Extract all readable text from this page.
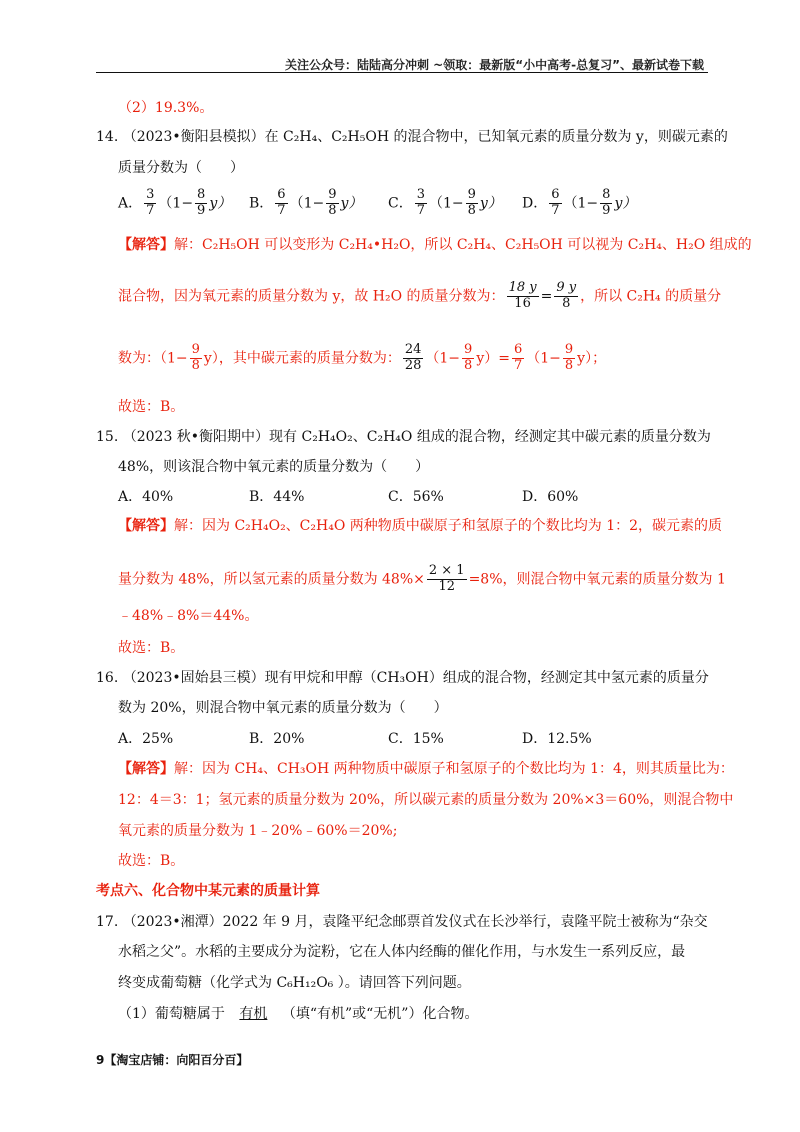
关注公众号：陆陆高分冲刺 ~领取：最新版“小中高考-总复习”、最新试卷下载
（2）19.3%。
14. （2023•衡阳县模拟）在 C₂H₄、C₂H₅OH 的混合物中，已知氧元素的质量分数为 y，则碳元素的
质量分数为（　　）
A． $\frac{3}{7} (1- \frac{8}{9} y)$ B． $\frac{6}{7} (1- \frac{9}{8} y)$ C． $\frac{3}{7} (1- \frac{9}{8} y)$ D． $\frac{6}{7} (1- \frac{8}{9} y)$
【解答】解：C₂H₅OH 可以变形为 C₂H₄•H₂O，所以 C₂H₄、C₂H₅OH 可以视为 C₂H₄、H₂O 组成的
混合物，因为氧元素的质量分数为 y，故 H₂O 的质量分数为： $\frac{18 y}{16} = \frac{9 y}{8}$ ，所以 C₂H₄ 的质量分
数为：$(1- \frac{9}{8} y)$，其中碳元素的质量分数为： $\frac{24}{28} (1- \frac{9}{8} y)= \frac{6}{7} (1- \frac{9}{8} y)$；
故选：B。
15. （2023 秋•衡阳期中）现有 C₂H₄O₂、C₂H₄O 组成的混合物，经测定其中碳元素的质量分数为
48%，则该混合物中氧元素的质量分数为（　　）
A．40%	B．44%	C．56%	D．60%
【解答】解：因为 C₂H₄O₂、C₂H₄O 两种物质中碳原子和氢原子的个数比均为 1：2，碳元素的质
量分数为 48%，所以氢元素的质量分数为 $48\%\times \frac{2 \times 1}{12} =8\%$，则混合物中氧元素的质量分数为 1
﹣48%﹣8%＝44%。
故选：B。
16. （2023•固始县三模）现有甲烷和甲醇（CH₃OH）组成的混合物，经测定其中氢元素的质量分
数为 20%，则混合物中氧元素的质量分数为（　　）
A．25%	B．20%	C．15%	D．12.5%
【解答】解：因为 CH₄、CH₃OH 两种物质中碳原子和氢原子的个数比均为 1：4，则其质量比为：
12：4＝3：1；氢元素的质量分数为 20%，所以碳元素的质量分数为 20%×3＝60%，则混合物中
氧元素的质量分数为 1﹣20%﹣60%＝20%;
故选：B。
考点六、化合物中某元素的质量计算
17. （2023•湘潭）2022 年 9 月，袁隆平纪念邮票首发仪式在长沙举行，袁隆平院士被称为“杂交
水稻之父”。水稻的主要成分为淀粉，它在人体内经酶的催化作用，与水发生一系列反应，最
终变成葡萄糖（化学式为 C₆H₁₂O₆ ）。请回答下列问题。
（1）葡萄糖属于 有机 （填“有机”或“无机”）化合物。
9【淘宝店铺：向阳百分百】
